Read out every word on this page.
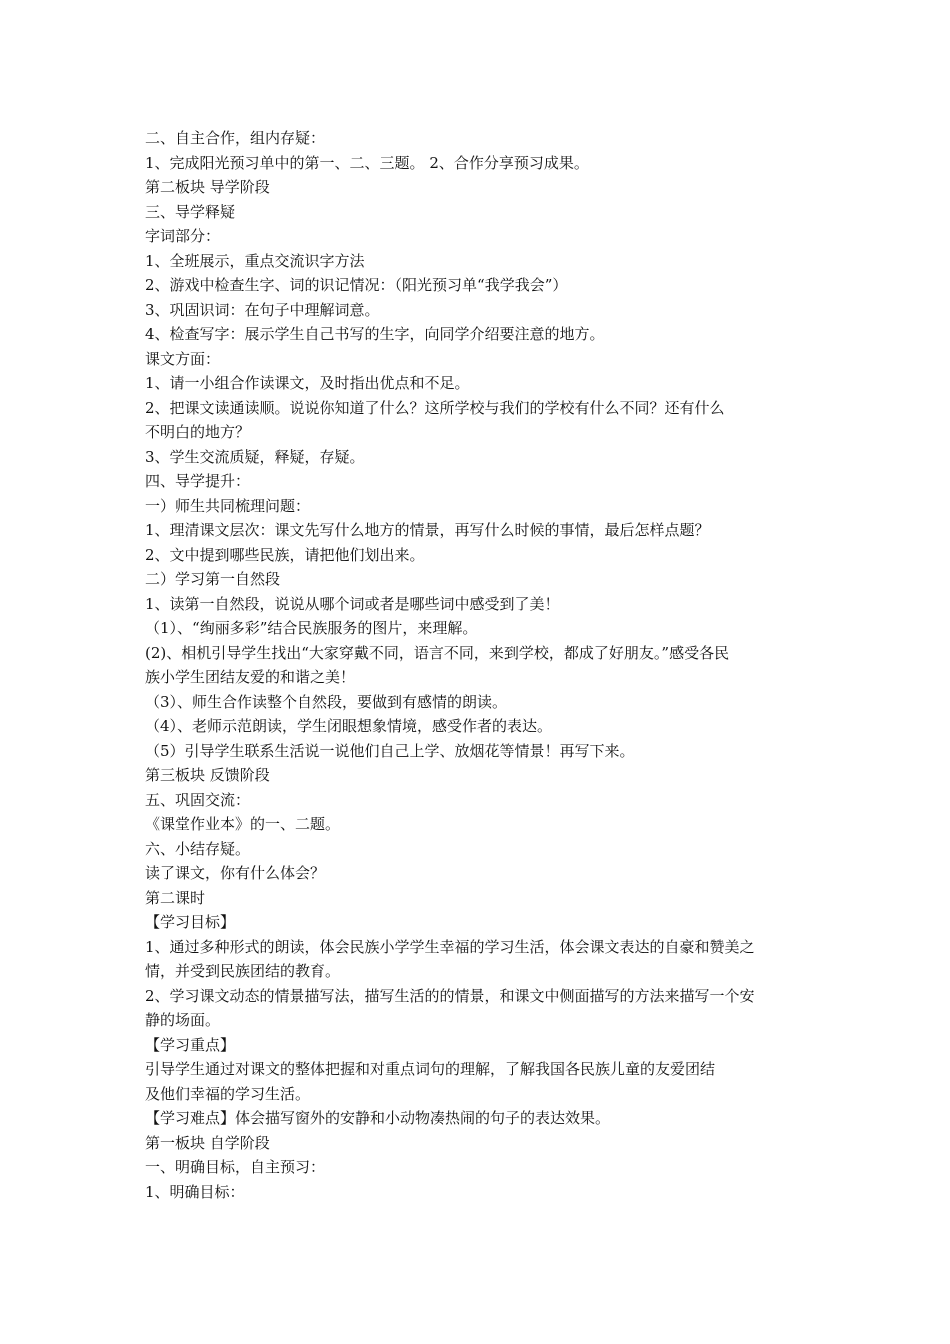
二、自主合作，组内存疑：
1、完成阳光预习单中的第一、二、三题。 2、合作分享预习成果。
第二板块 导学阶段
三、导学释疑
字词部分：
1、全班展示，重点交流识字方法
2、游戏中检查生字、词的识记情况：（阳光预习单“我学我会”）
3、巩固识词：在句子中理解词意。
4、检查写字：展示学生自己书写的生字，向同学介绍要注意的地方。
课文方面：
1、请一小组合作读课文，及时指出优点和不足。
2、把课文读通读顺。说说你知道了什么？这所学校与我们的学校有什么不同？还有什么
不明白的地方？
3、学生交流质疑，释疑，存疑。
四、导学提升：
一）师生共同梳理问题：
1、理清课文层次：课文先写什么地方的情景，再写什么时候的事情，最后怎样点题？
2、文中提到哪些民族，请把他们划出来。
二）学习第一自然段
1、读第一自然段，说说从哪个词或者是哪些词中感受到了美！
（1）、“绚丽多彩”结合民族服务的图片，来理解。
(2)、相机引导学生找出“大家穿戴不同，语言不同，来到学校，都成了好朋友。”感受各民
族小学生团结友爱的和谐之美！
（3）、师生合作读整个自然段，要做到有感情的朗读。
（4）、老师示范朗读，学生闭眼想象情境，感受作者的表达。
（5）引导学生联系生活说一说他们自己上学、放烟花等情景！再写下来。
第三板块 反馈阶段
五、巩固交流：
《课堂作业本》的一、二题。
六、小结存疑。
读了课文，你有什么体会？
第二课时
【学习目标】
1、通过多种形式的朗读，体会民族小学学生幸福的学习生活，体会课文表达的自豪和赞美之
情，并受到民族团结的教育。
2、学习课文动态的情景描写法，描写生活的的情景，和课文中侧面描写的方法来描写一个安
静的场面。
【学习重点】
引导学生通过对课文的整体把握和对重点词句的理解，了解我国各民族儿童的友爱团结
及他们幸福的学习生活。
【学习难点】体会描写窗外的安静和小动物凑热闹的句子的表达效果。
第一板块 自学阶段
一、明确目标，自主预习：
1、明确目标：
